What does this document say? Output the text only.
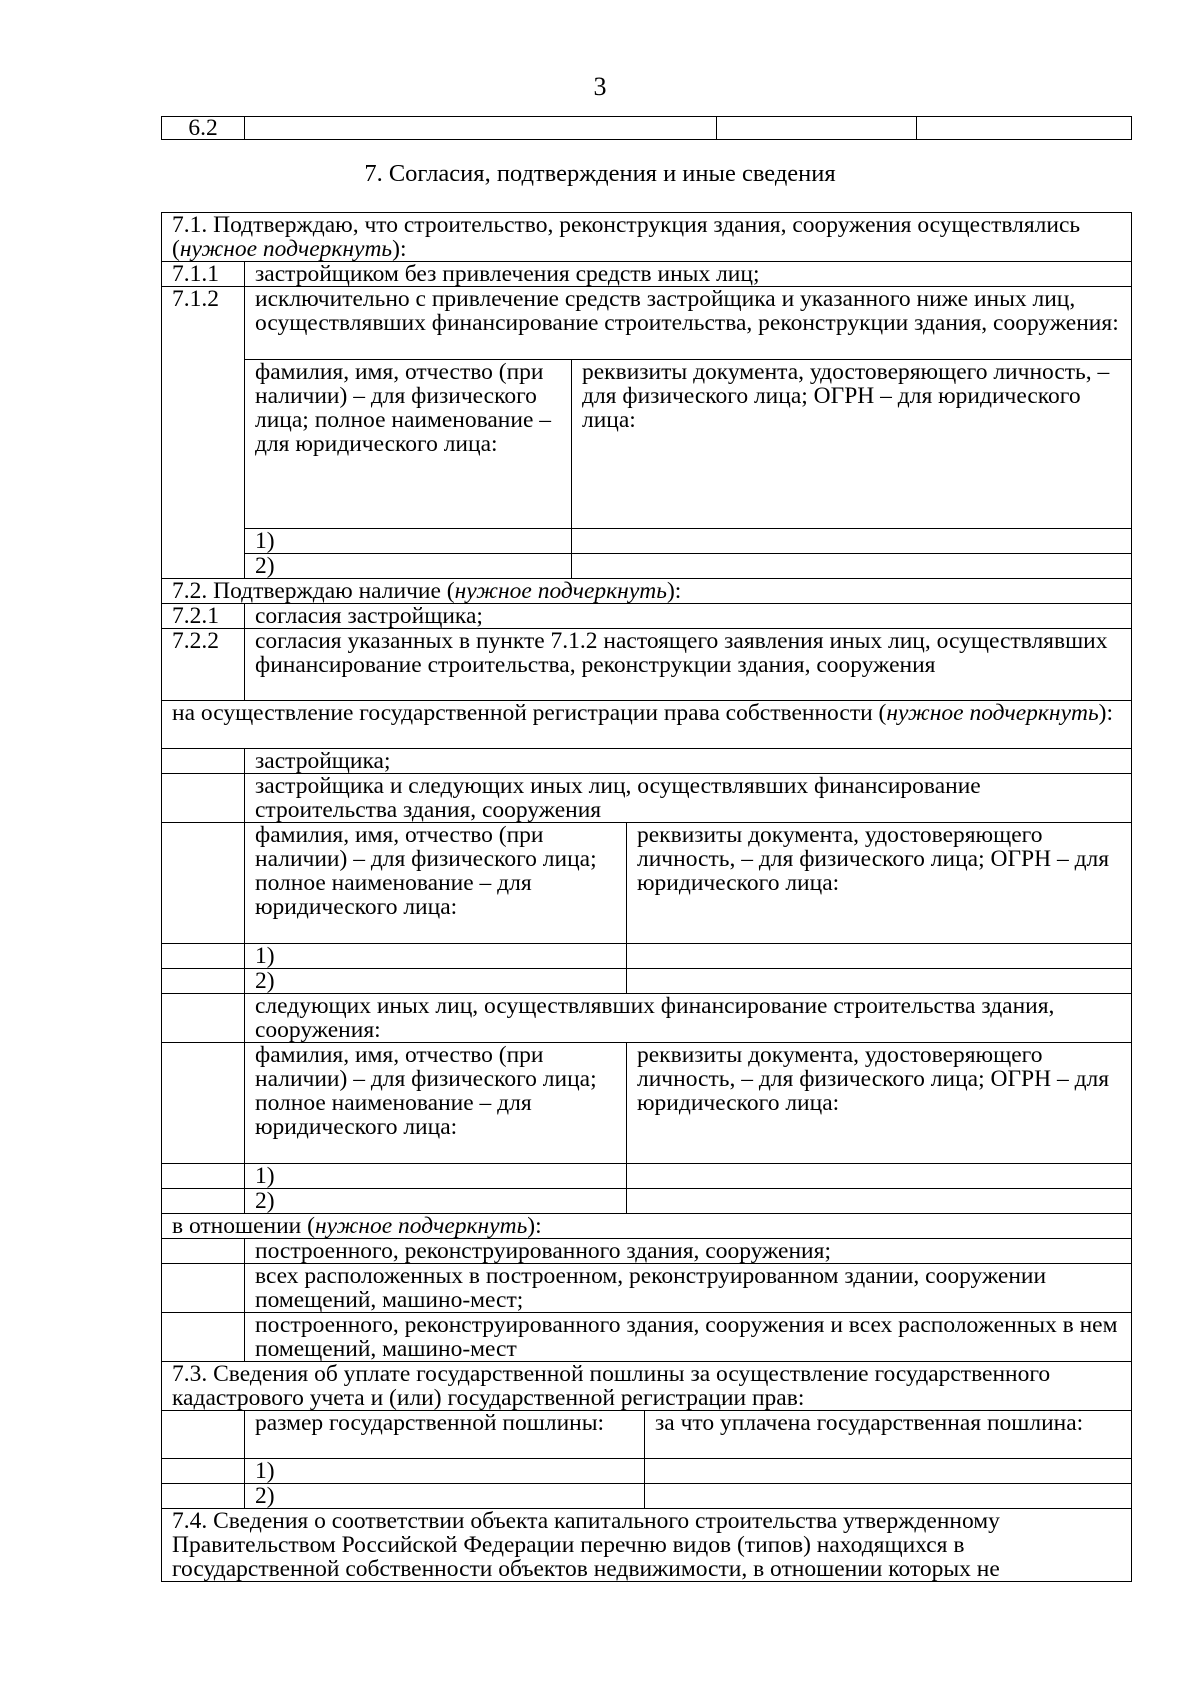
3
6.2			
7. Согласия, подтверждения и иные сведения
7.1. Подтверждаю, что строительство, реконструкция здания, сооружения осуществлялись (нужное подчеркнуть):					
7.1.1	застройщиком без привлечения средств иных лиц;				
7.1.2	исключительно с привлечение средств застройщика и указанного ниже иных лиц, осуществлявших финансирование строительства, реконструкции здания, сооружения:				
	фамилия, имя, отчество (при наличии) – для физического лица; полное наименование – для юридического лица:	реквизиты документа, удостоверяющего личность, – для физического лица; ОГРН – для юридического лица:	
	1)				
	2)				
7.2. Подтверждаю наличие (нужное подчеркнуть):					
7.2.1	согласия застройщика;				
7.2.2	согласия указанных в пункте 7.1.2 настоящего заявления иных лиц, осуществлявших финансирование строительства, реконструкции здания, сооружения				
на осуществление государственной регистрации права собственности (нужное подчеркнуть):					
	застройщика;				
	застройщика и следующих иных лиц, осуществлявших финансирование строительства здания, сооружения				
	фамилия, имя, отчество (при наличии) – для физического лица; полное наименование – для юридического лица:		реквизиты документа, удостоверяющего личность, – для физического лица; ОГРН – для юридического лица:		
	1)				
	2)				
	следующих иных лиц, осуществлявших финансирование строительства здания, сооружения:				
	фамилия, имя, отчество (при наличии) – для физического лица; полное наименование – для юридического лица:		реквизиты документа, удостоверяющего личность, – для физического лица; ОГРН – для юридического лица:		
	1)				
	2)				
в отношении (нужное подчеркнуть):					
	построенного, реконструированного здания, сооружения;				
	всех расположенных в построенном, реконструированном здании, сооружении помещений, машино-мест;				
	построенного, реконструированного здания, сооружения и всех расположенных в нем помещений, машино-мест				
7.3. Сведения об уплате государственной пошлины за осуществление государственного кадастрового учета и (или) государственной регистрации прав:					
	размер государственной пошлины:			за что уплачена государственная пошлина:	
	1)				
	2)				
7.4. Сведения о соответствии объекта капитального строительства утвержденному Правительством Российской Федерации перечню видов (типов) находящихся в государственной собственности объектов недвижимости, в отношении которых не					
